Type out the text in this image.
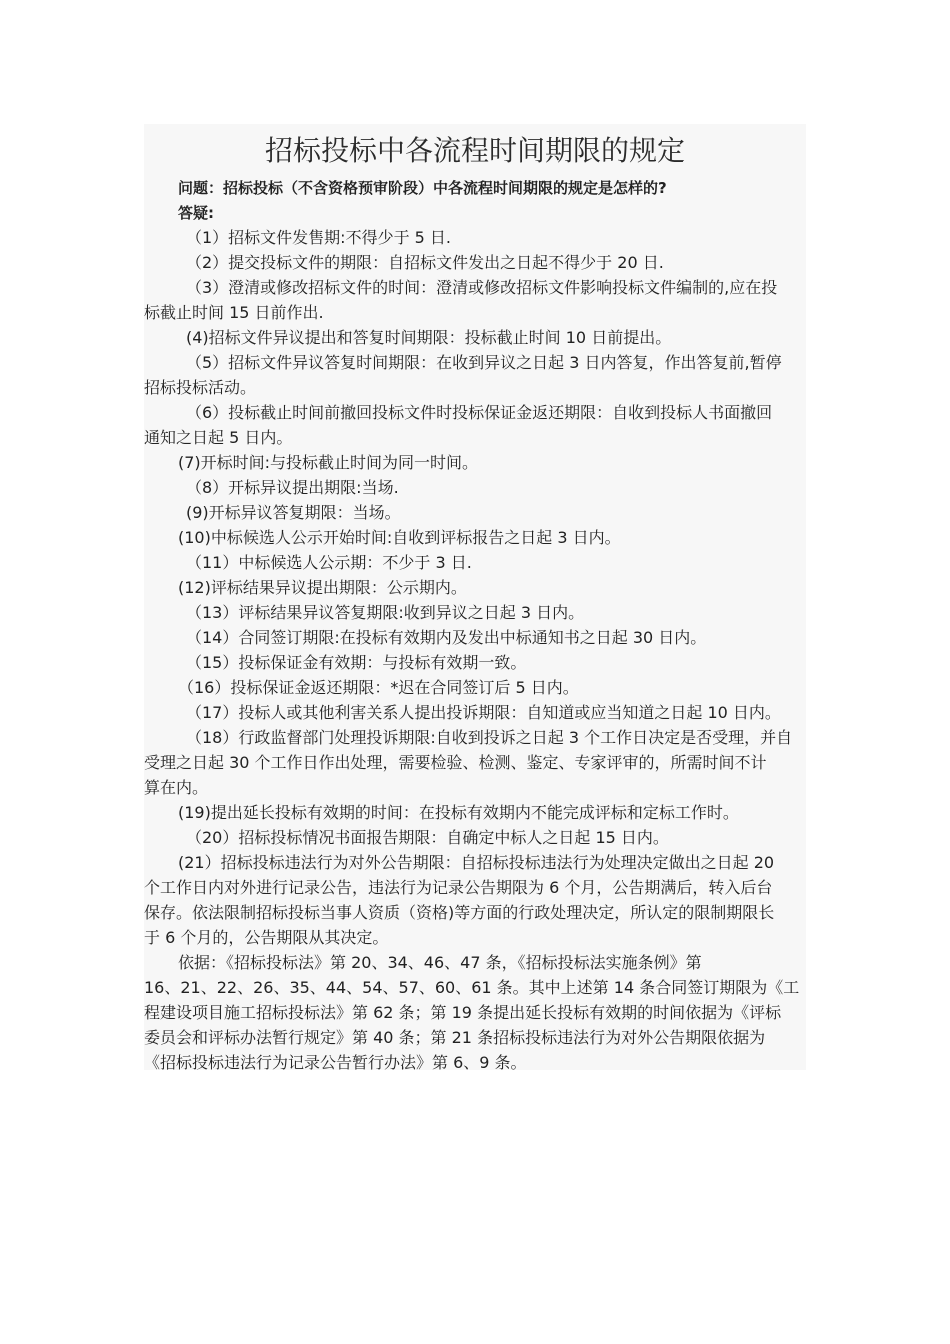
招标投标中各流程时间期限的规定
问题：招标投标（不含资格预审阶段）中各流程时间期限的规定是怎样的?
答疑:
（1）招标文件发售期:不得少于 5 日.
（2）提交投标文件的期限：自招标文件发出之日起不得少于 20 日.
（3）澄清或修改招标文件的时间：澄清或修改招标文件影响投标文件编制的,应在投
标截止时间 15 日前作出.
(4)招标文件异议提出和答复时间期限：投标截止时间 10 日前提出。
（5）招标文件异议答复时间期限：在收到异议之日起 3 日内答复，作出答复前,暂停
招标投标活动。
（6）投标截止时间前撤回投标文件时投标保证金返还期限：自收到投标人书面撤回
通知之日起 5 日内。
(7)开标时间:与投标截止时间为同一时间。
（8）开标异议提出期限:当场.
(9)开标异议答复期限：当场。
(10)中标候选人公示开始时间:自收到评标报告之日起 3 日内。
（11）中标候选人公示期：不少于 3 日.
(12)评标结果异议提出期限：公示期内。
（13）评标结果异议答复期限:收到异议之日起 3 日内。
（14）合同签订期限:在投标有效期内及发出中标通知书之日起 30 日内。
（15）投标保证金有效期：与投标有效期一致。
（16）投标保证金返还期限：*迟在合同签订后 5 日内。
（17）投标人或其他利害关系人提出投诉期限：自知道或应当知道之日起 10 日内。
（18）行政监督部门处理投诉期限:自收到投诉之日起 3 个工作日决定是否受理，并自
受理之日起 30 个工作日作出处理，需要检验、检测、鉴定、专家评审的，所需时间不计
算在内。
(19)提出延长投标有效期的时间：在投标有效期内不能完成评标和定标工作时。
（20）招标投标情况书面报告期限：自确定中标人之日起 15 日内。
(21）招标投标违法行为对外公告期限：自招标投标违法行为处理决定做出之日起 20
个工作日内对外进行记录公告，违法行为记录公告期限为 6 个月，公告期满后，转入后台
保存。依法限制招标投标当事人资质（资格)等方面的行政处理决定，所认定的限制期限长
于 6 个月的，公告期限从其决定。
依据：《招标投标法》第 20、34、46、47 条，《招标投标法实施条例》第
16、21、22、26、35、44、54、57、60、61 条。其中上述第 14 条合同签订期限为《工
程建设项目施工招标投标法》第 62 条；第 19 条提出延长投标有效期的时间依据为《评标
委员会和评标办法暂行规定》第 40 条；第 21 条招标投标违法行为对外公告期限依据为
《招标投标违法行为记录公告暂行办法》第 6、9 条。
